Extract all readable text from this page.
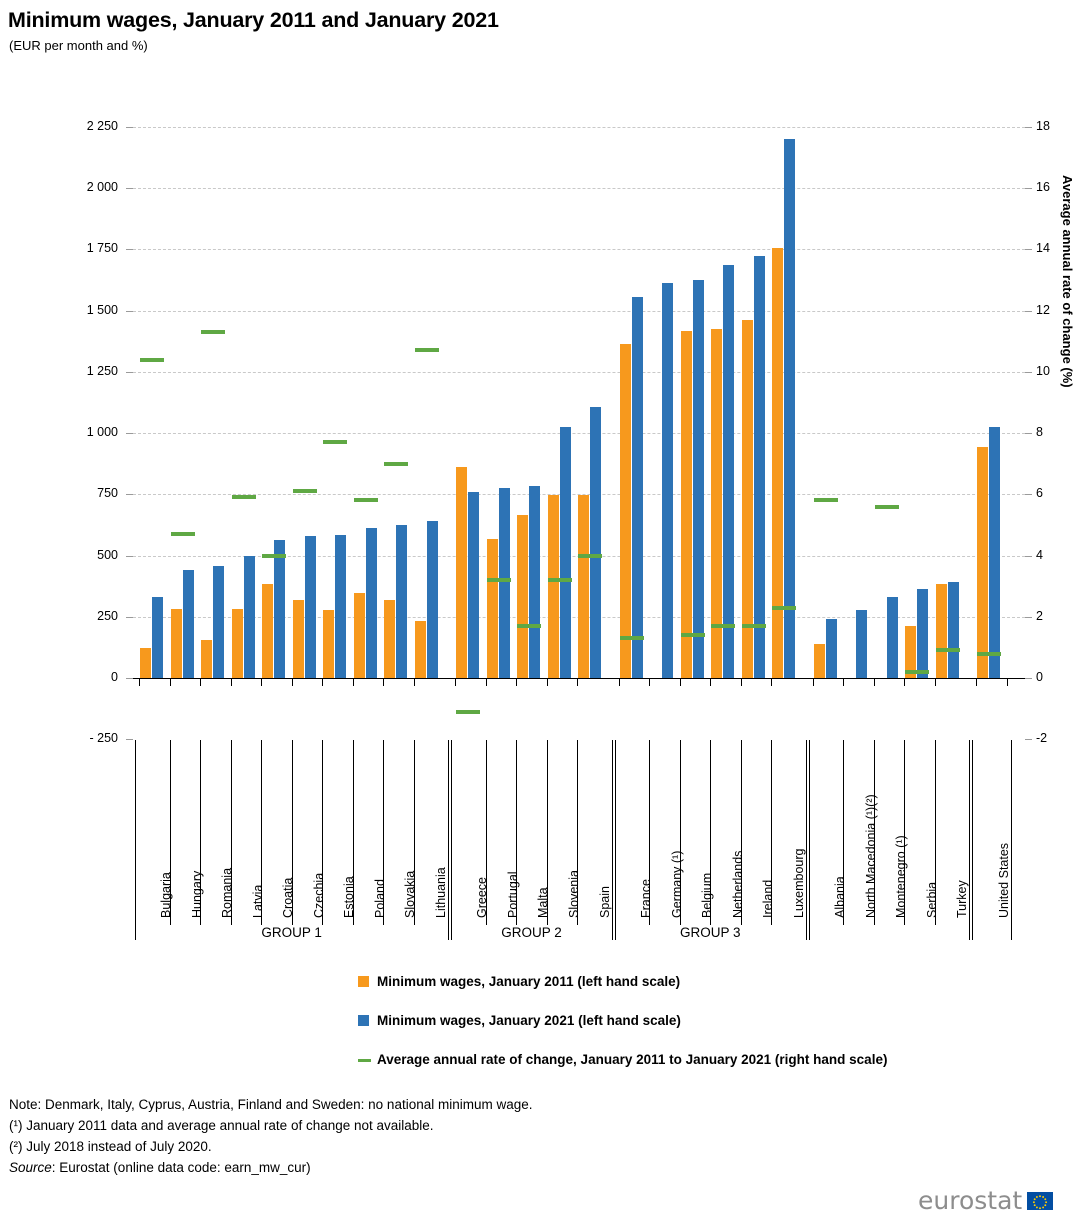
Minimum wages, January 2011 and January 2021
(EUR per month and %)
Average annual rate of change (%)
2 250
2 000
1 750
1 500
1 250
1 000
750
500
250
0
- 250
18
16
14
12
10
8
6
4
2
0
-2
Bulgaria Hungary Romania Latvia Croatia Czechia Estonia Poland Slovakia Lithuania
GROUP 1
Greece Portugal Malta Slovenia Spain
GROUP 2
France Germany (¹) Belgium Netherlands Ireland Luxembourg
GROUP 3
Albania North Macedonia (¹)(²) Montenegro (¹) Serbia Turkey United States
Minimum wages, January 2011 (left hand scale)
Minimum wages, January 2021 (left hand scale)
Average annual rate of change, January 2011 to January 2021 (right hand scale)
Note: Denmark, Italy, Cyprus, Austria, Finland and Sweden: no national minimum wage.
(¹) January 2011 data and average annual rate of change not available.
(²) July 2018 instead of July 2020.
Source: Eurostat (online data code: earn_mw_cur)
eurostat
